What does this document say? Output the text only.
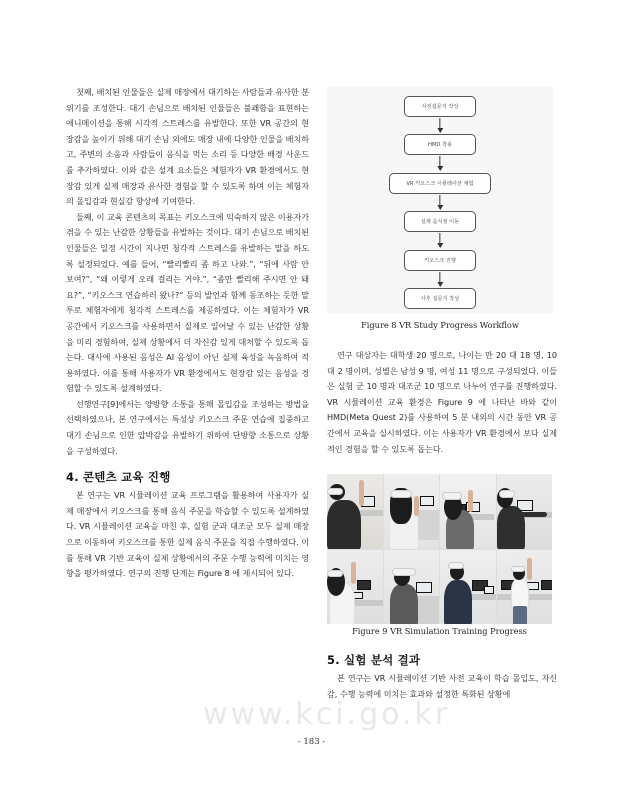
첫째, 배치된 인물들은 실제 매장에서 대기하는 사람들과 유사한 분위기를 조성한다. 대기 손님으로 배치된 인물들은 불쾌함을 표현하는 애니메이션을 통해 시각적 스트레스를 유발한다. 또한 VR 공간의 현장감을 높이기 위해 대기 손님 외에도 매장 내에 다양한 인물을 배치하고, 주변의 소음과 사람들이 음식을 먹는 소리 등 다양한 배경 사운드를 추가하였다. 이와 같은 설계 요소들은 체험자가 VR 환경에서도 현장감 있게 실제 매장과 유사한 경험을 할 수 있도록 하며 이는 체험자의 몰입감과 현실감 향상에 기여한다.

둘째, 이 교육 콘텐츠의 목표는 키오스크에 익숙하지 않은 이용자가 겪을 수 있는 난감한 상황들을 유발하는 것이다. 대기 손님으로 배치된 인물들은 일정 시간이 지나면 청각적 스트레스를 유발하는 말을 하도록 설정되었다. 예를 들어, “빨리빨리 좀 하고 나와.”, “뒤에 사람 안 보여?”, “왜 이렇게 오래 걸리는 거야.”, “좀만 빨리해 주시면 안 돼요?”, “키오스크 연습하러 왔나?” 등의 발언과 함께 동조하는 듯한 말투로 체험자에게 청각적 스트레스를 제공하였다. 이는 체험자가 VR 공간에서 키오스크를 사용하면서 실제로 일어날 수 있는 난감한 상황을 미리 경험하여, 실제 상황에서 더 자신감 있게 대처할 수 있도록 돕는다. 대사에 사용된 음성은 AI 음성이 아닌 실제 육성을 녹음하여 적용하였다. 이를 통해 사용자가 VR 환경에서도 현장감 있는 음성을 경험할 수 있도록 설계하였다.

선행연구[9]에서는 양방향 소통을 통해 몰입감을 조성하는 방법을 선택하였으나, 본 연구에서는 특성상 키오스크 주문 연습에 집중하고 대기 손님으로 인한 압박감을 유발하기 위하여 단방향 소통으로 상황을 구성하였다.

4. 콘텐츠 교육 진행

본 연구는 VR 시뮬레이션 교육 프로그램을 활용하여 사용자가 실제 매장에서 키오스크를 통해 음식 주문을 학습할 수 있도록 설계하였다. VR 시뮬레이션 교육을 마친 후, 실험 군과 대조군 모두 실제 매장으로 이동하여 키오스크를 통한 실제 음식 주문을 직접 수행하였다. 이를 통해 VR 기반 교육이 실제 상황에서의 주문 수행 능력에 미치는 영향을 평가하였다. 연구의 진행 단계는 Figure 8 에 제시되어 있다.

사전설문지 작성
HMD 착용
VR 키오스크 시뮬레이션 체험
실제 음식점 이동
키오스크 진행
사후 설문지 작성
Figure 8 VR Study Progress Workflow

연구 대상자는 대학생 20 명으로, 나이는 만 20 대 18 명, 10 대 2 명이며, 성별은 남성 9 명, 여성 11 명으로 구성되었다. 이들은 실험 군 10 명과 대조군 10 명으로 나누어 연구를 진행하였다. VR 시뮬레이션 교육 환경은 Figure 9 에 나타난 바와 같이 HMD(Meta Quest 2)를 사용하여 5 분 내외의 시간 동안 VR 공간에서 교육을 실시하였다. 이는 사용자가 VR 환경에서 보다 실제적인 경험을 할 수 있도록 돕는다.

Figure 9 VR Simulation Training Progress
5. 실험 분석 결과

본 연구는 VR 시뮬레이션 기반 사전 교육이 학습 몰입도, 자신감, 수행 능력에 미치는 효과와 설정한 특화된 상황에

www.kci.go.kr
- 183 -
